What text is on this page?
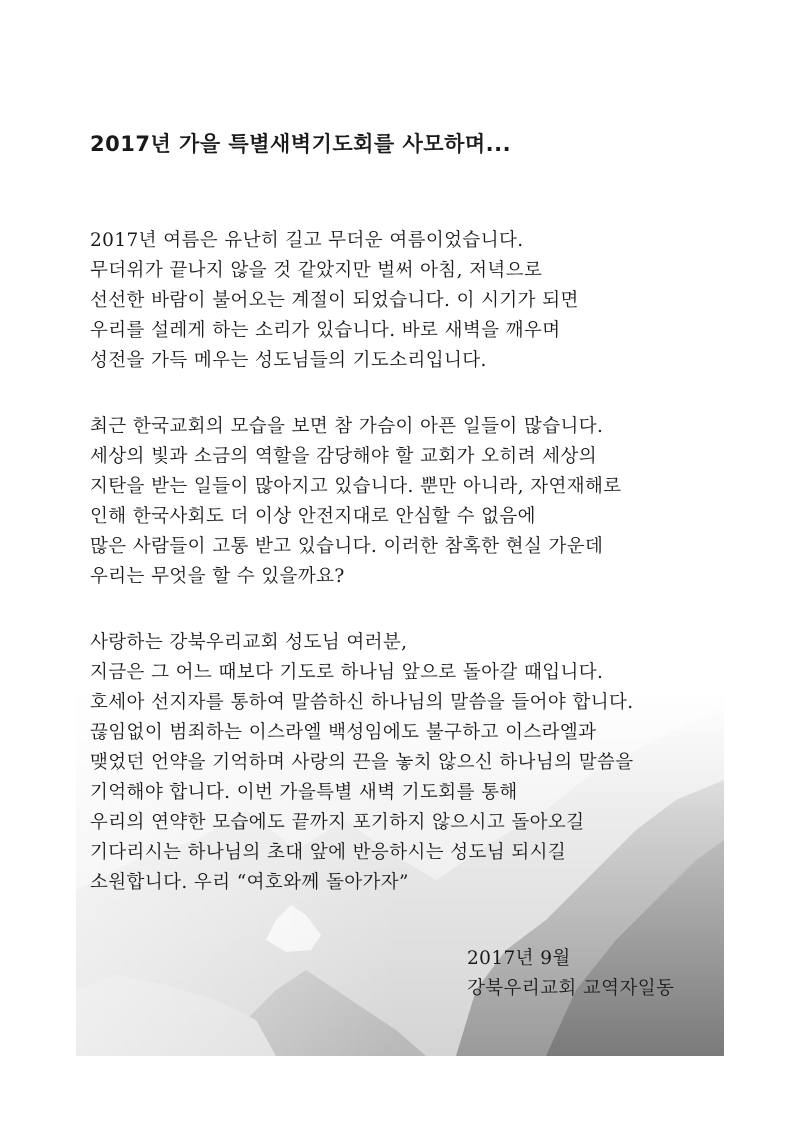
2017년 가을 특별새벽기도회를 사모하며...
2017년 여름은 유난히 길고 무더운 여름이었습니다.
무더위가 끝나지 않을 것 같았지만 벌써 아침, 저녁으로
선선한 바람이 불어오는 계절이 되었습니다. 이 시기가 되면
우리를 설레게 하는 소리가 있습니다. 바로 새벽을 깨우며
성전을 가득 메우는 성도님들의 기도소리입니다.
최근 한국교회의 모습을 보면 참 가슴이 아픈 일들이 많습니다.
세상의 빛과 소금의 역할을 감당해야 할 교회가 오히려 세상의
지탄을 받는 일들이 많아지고 있습니다. 뿐만 아니라, 자연재해로
인해 한국사회도 더 이상 안전지대로 안심할 수 없음에
많은 사람들이 고통 받고 있습니다. 이러한 참혹한 현실 가운데
우리는 무엇을 할 수 있을까요?
사랑하는 강북우리교회 성도님 여러분,
지금은 그 어느 때보다 기도로 하나님 앞으로 돌아갈 때입니다.
호세아 선지자를 통하여 말씀하신 하나님의 말씀을 들어야 합니다.
끊임없이 범죄하는 이스라엘 백성임에도 불구하고 이스라엘과
맺었던 언약을 기억하며 사랑의 끈을 놓치 않으신 하나님의 말씀을
기억해야 합니다. 이번 가을특별 새벽 기도회를 통해
우리의 연약한 모습에도 끝까지 포기하지 않으시고 돌아오길
기다리시는 하나님의 초대 앞에 반응하시는 성도님 되시길
소원합니다. 우리 “여호와께 돌아가자”
2017년 9월
강북우리교회 교역자일동
